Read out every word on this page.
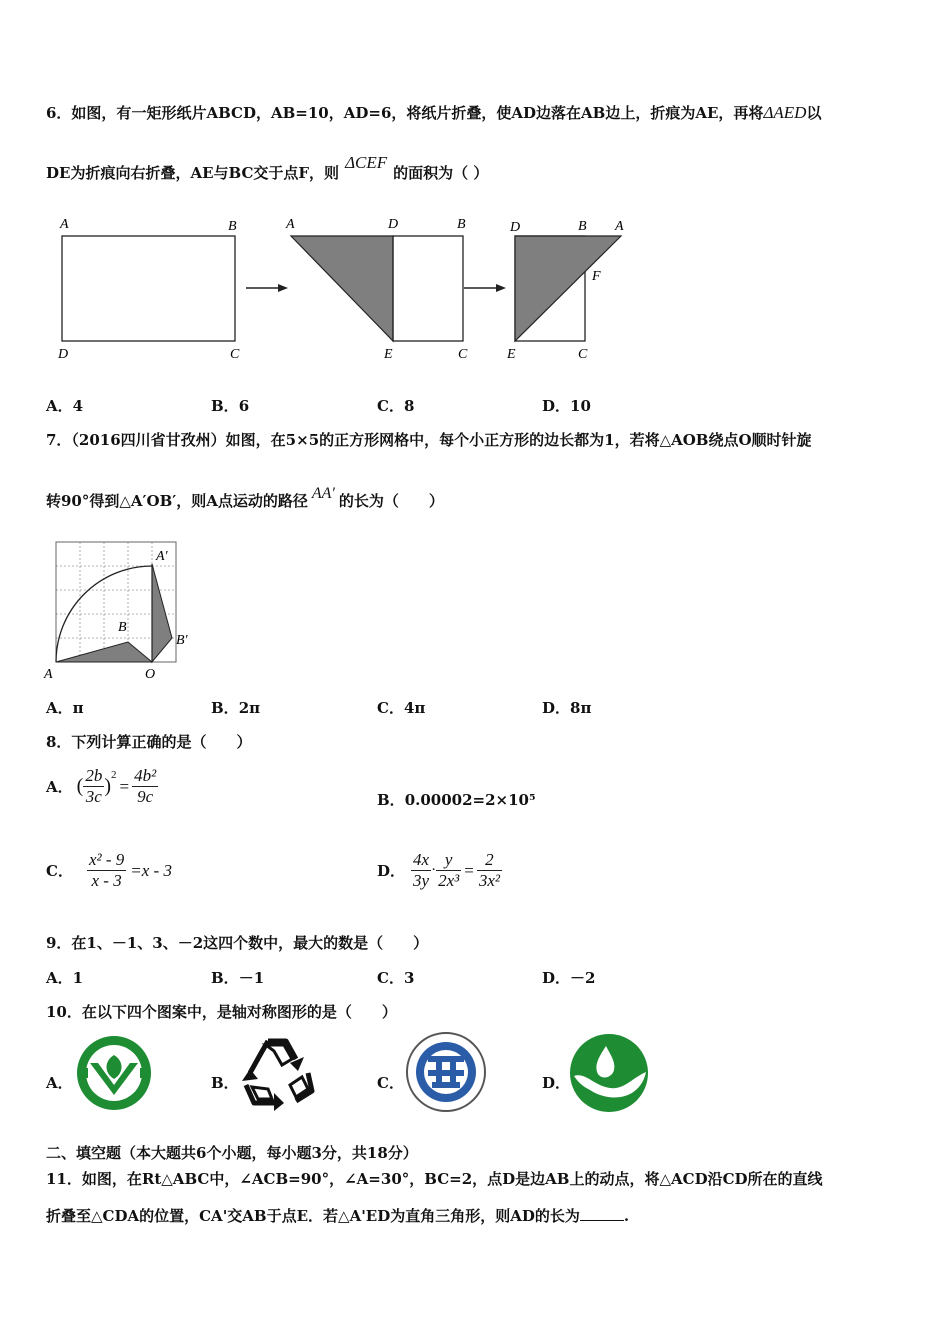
6．如图，有一矩形纸片ABCD，AB=10，AD=6，将纸片折叠，使AD边落在AB边上，折痕为AE，再将ΔAED以
DE为折痕向右折叠，AE与BC交于点F，则ΔCEF的面积为（ ）
A	B
D	C
A	D	B
E	C
D	B A
F
E	C
A．4	B．6	C．8	D．10
7．（2016四川省甘孜州）如图，在5×5的正方形网格中，每个小正方形的边长都为1，若将△AOB绕点O顺时针旋
转90°得到△A′OB′，则A点运动的路径 AA′ 的长为（　　）
A′
B
B′
A	O
A．π	B．2π	C．4π	D．8π
8．下列计算正确的是（　　）
A． ( $\frac{2b}{3c}$ )
2
= $\frac{\text{4b²}}{9c}$	B．0.00002=2×10⁵
C． $\frac{\text{x² - 9}}{x - 3} =x - 3$	D． $\frac{4x}{3y} \cdot \frac{y}{\text{2x³}} = \frac{2}{\text{3x²}}$
9．在1、－1、3、－2这四个数中，最大的数是（　　）
A．1	B．－1	C．3	D．－2
10．在以下四个图案中，是轴对称图形的是（　　）
A．	B．	C．	D．
二、填空题（本大题共6个小题，每小题3分，共18分）
11．如图，在Rt△ABC中，∠ACB=90°，∠A=30°，BC=2，点D是边AB上的动点，将△ACD沿CD所在的直线
折叠至△CDA的位置，CA'交AB于点E．若△A'ED为直角三角形，则AD的长为	.
